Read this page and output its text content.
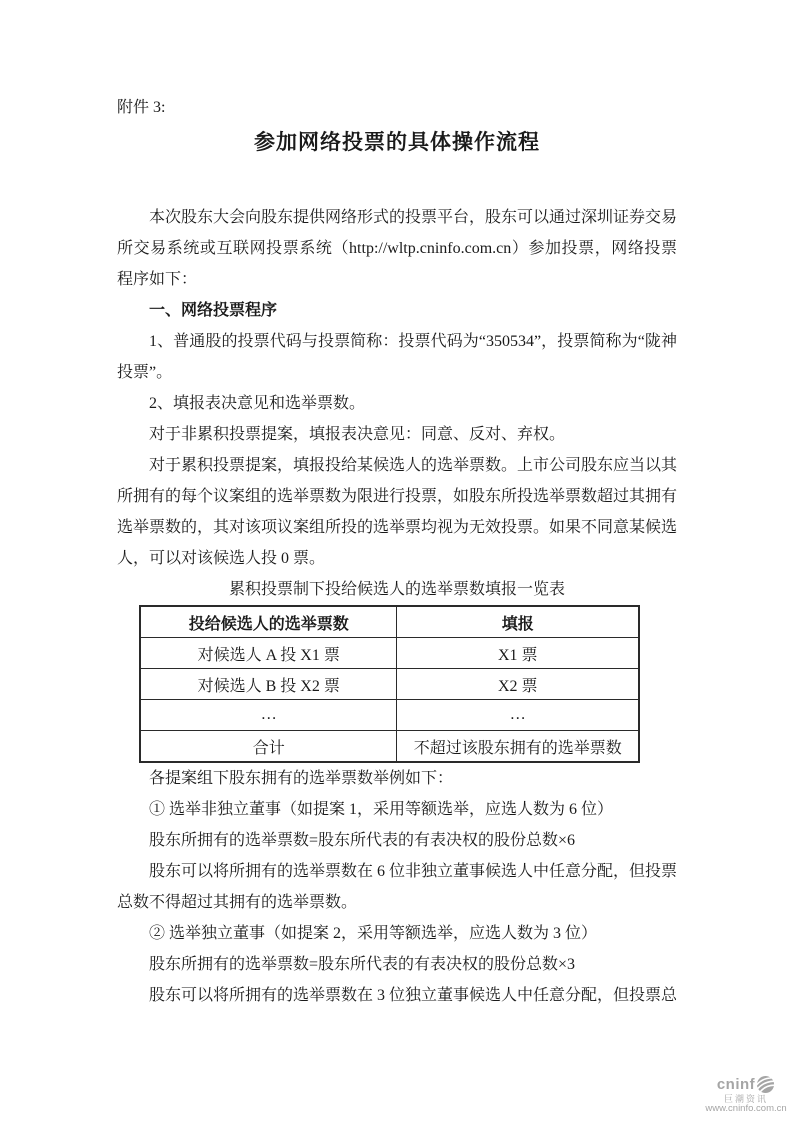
附件 3:
参加网络投票的具体操作流程

本次股东大会向股东提供网络形式的投票平台，股东可以通过深圳证券交易所交易系统或互联网投票系统（http://wltp.cninfo.com.cn）参加投票，网络投票程序如下：

一、网络投票程序

1、普通股的投票代码与投票简称：投票代码为“350534”，投票简称为“陇神投票”。

2、填报表决意见和选举票数。

对于非累积投票提案，填报表决意见：同意、反对、弃权。

对于累积投票提案，填报投给某候选人的选举票数。上市公司股东应当以其所拥有的每个议案组的选举票数为限进行投票，如股东所投选举票数超过其拥有选举票数的，其对该项议案组所投的选举票均视为无效投票。如果不同意某候选人，可以对该候选人投 0 票。

累积投票制下投给候选人的选举票数填报一览表
投给候选人的选举票数	填报
对候选人 A 投 X1 票	X1 票
对候选人 B 投 X2 票	X2 票
…	…
合计	不超过该股东拥有的选举票数

各提案组下股东拥有的选举票数举例如下：

① 选举非独立董事（如提案 1，采用等额选举，应选人数为 6 位）

股东所拥有的选举票数=股东所代表的有表决权的股份总数×6

股东可以将所拥有的选举票数在 6 位非独立董事候选人中任意分配，但投票总数不得超过其拥有的选举票数。

② 选举独立董事（如提案 2，采用等额选举，应选人数为 3 位）

股东所拥有的选举票数=股东所代表的有表决权的股份总数×3

股东可以将所拥有的选举票数在 3 位独立董事候选人中任意分配，但投票总

cninf
巨潮资讯
www.cninfo.com.cn
